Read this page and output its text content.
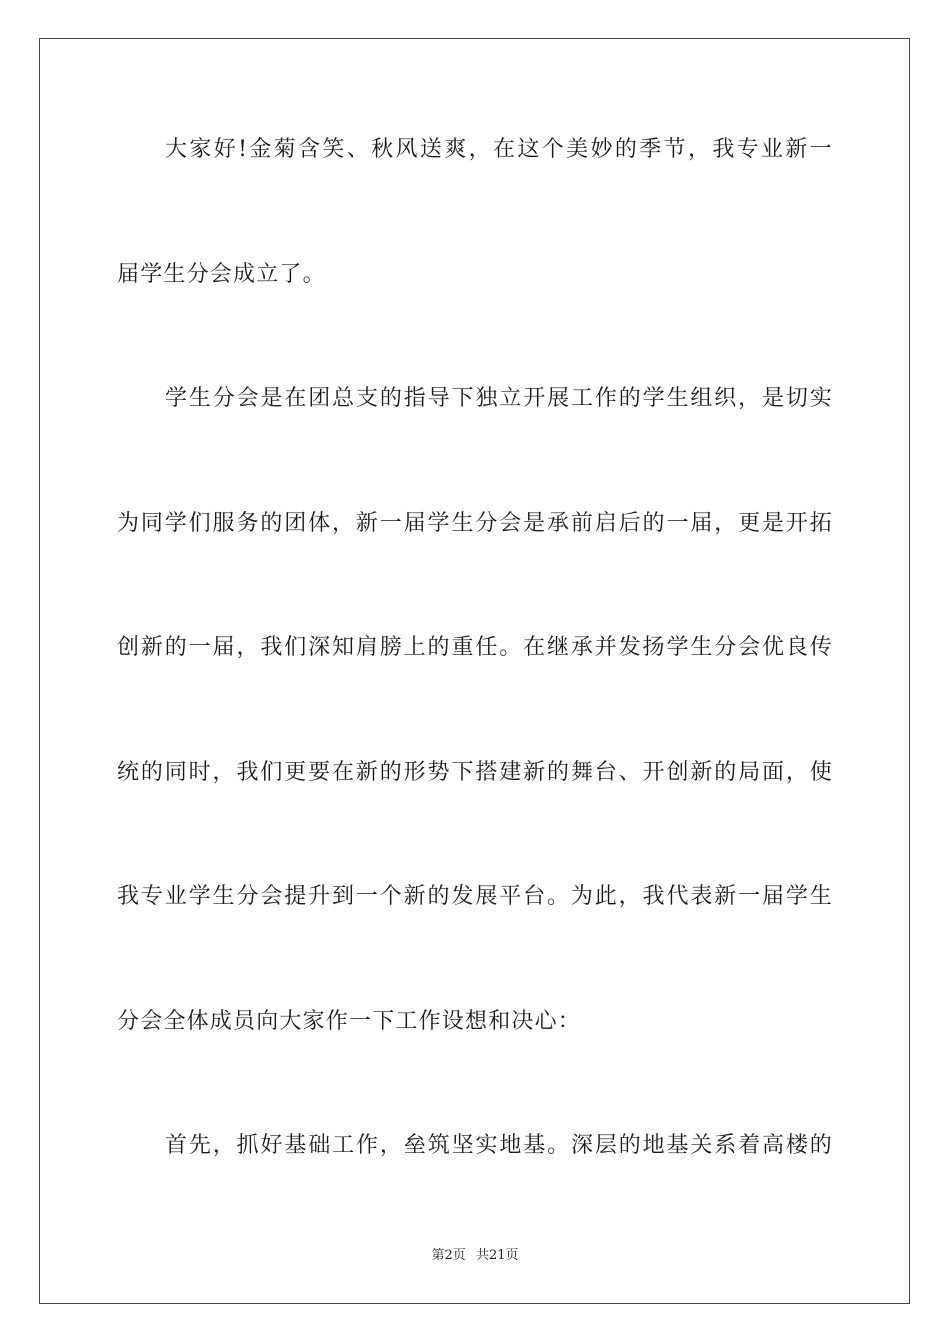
大家好!金菊含笑、秋风送爽，在这个美妙的季节，我专业新一
届学生分会成立了。
学生分会是在团总支的指导下独立开展工作的学生组织，是切实
为同学们服务的团体，新一届学生分会是承前启后的一届，更是开拓
创新的一届，我们深知肩膀上的重任。在继承并发扬学生分会优良传
统的同时，我们更要在新的形势下搭建新的舞台、开创新的局面，使
我专业学生分会提升到一个新的发展平台。为此，我代表新一届学生
分会全体成员向大家作一下工作设想和决心：
首先，抓好基础工作，垒筑坚实地基。深层的地基关系着高楼的
第2页 共21页
